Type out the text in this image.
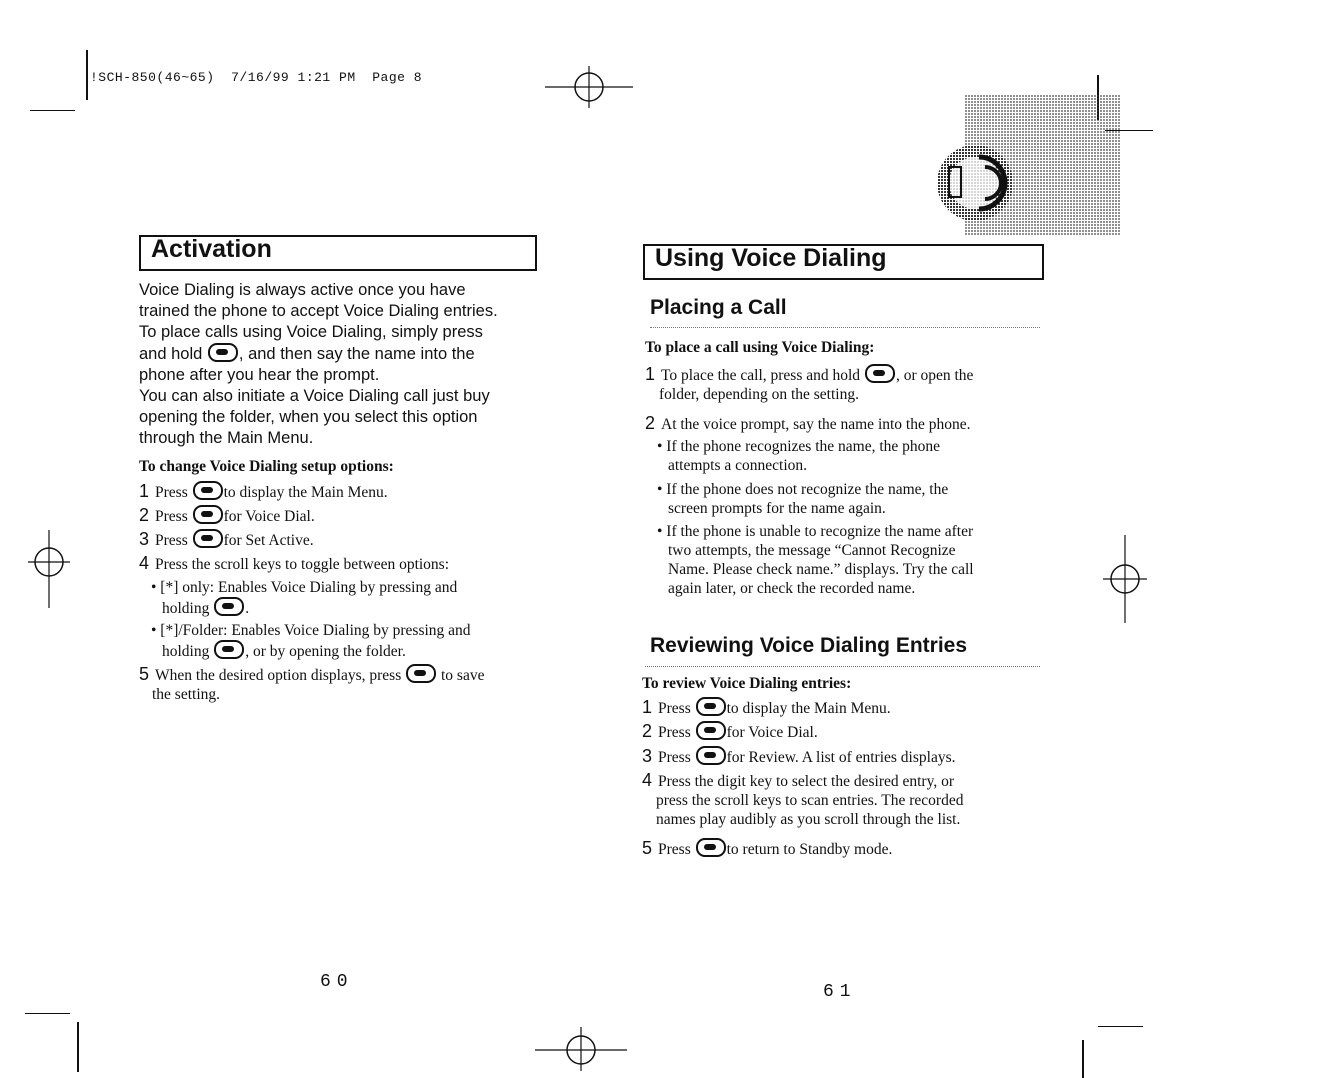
!SCH-850(46~65)  7/16/99 1:21 PM  Page 8
Activation
Voice Dialing is always active once you have
trained the phone to accept Voice Dialing entries.
To place calls using Voice Dialing, simply press
and hold
, and then say the name into the
phone after you hear the prompt.
You can also initiate a Voice Dialing call just buy
opening the folder, when you select this option
through the Main Menu.
To change Voice Dialing setup options:
1 Press
to display the Main Menu.
2 Press
for Voice Dial.
3 Press
for Set Active.
4 Press the scroll keys to toggle between options:
• [*] only: Enables Voice Dialing by pressing and
holding
.
• [*]/Folder: Enables Voice Dialing by pressing and
holding
, or by opening the folder.
5 When the desired option displays, press
to save
the setting.
60
Using Voice Dialing
Placing a Call
To place a call using Voice Dialing:
1 To place the call, press and hold
, or open the
folder, depending on the setting.
2 At the voice prompt, say the name into the phone.
• If the phone recognizes the name, the phone
attempts a connection.
• If the phone does not recognize the name, the
screen prompts for the name again.
• If the phone is unable to recognize the name after
two attempts, the message “Cannot Recognize
Name. Please check name.” displays. Try the call
again later, or check the recorded name.
Reviewing Voice Dialing Entries
To review Voice Dialing entries:
1 Press
to display the Main Menu.
2 Press
for Voice Dial.
3 Press
for Review. A list of entries displays.
4 Press the digit key to select the desired entry, or
press the scroll keys to scan entries. The recorded
names play audibly as you scroll through the list.
5 Press
to return to Standby mode.
61
